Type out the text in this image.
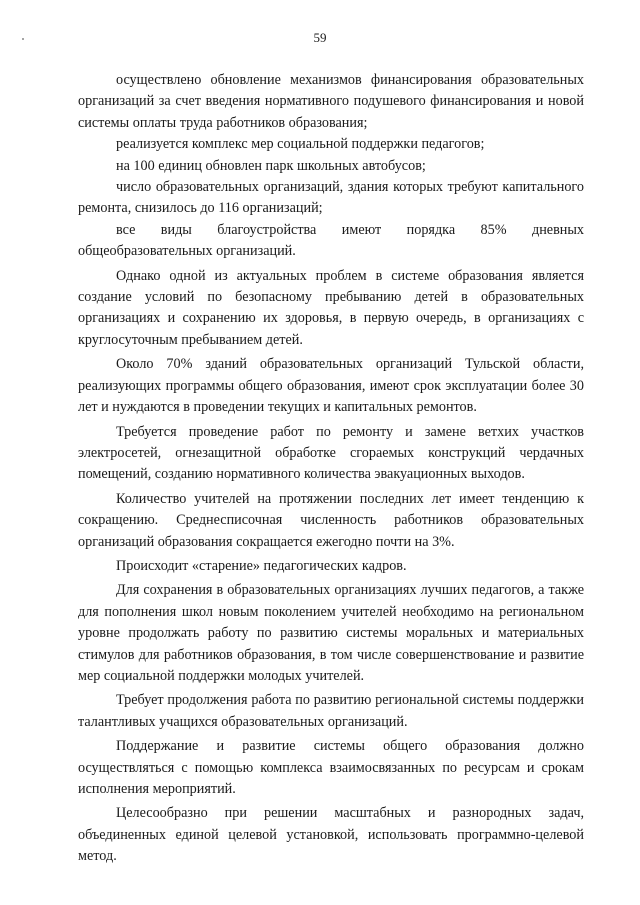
59

осуществлено обновление механизмов финансирования образовательных организаций за счет введения нормативного подушевого финансирования и новой системы оплаты труда работников образования;

реализуется комплекс мер социальной поддержки педагогов;

на 100 единиц обновлен парк школьных автобусов;

число образовательных организаций, здания которых требуют капитального ремонта, снизилось до 116 организаций;

все виды благоустройства имеют порядка 85% дневных общеобразовательных организаций.

Однако одной из актуальных проблем в системе образования является создание условий по безопасному пребыванию детей в образовательных организациях и сохранению их здоровья, в первую очередь, в организациях с круглосуточным пребыванием детей.

Около 70% зданий образовательных организаций Тульской области, реализующих программы общего образования, имеют срок эксплуатации более 30 лет и нуждаются в проведении текущих и капитальных ремонтов.

Требуется проведение работ по ремонту и замене ветхих участков электросетей, огнезащитной обработке сгораемых конструкций чердачных помещений, созданию нормативного количества эвакуационных выходов.

Количество учителей на протяжении последних лет имеет тенденцию к сокращению. Среднесписочная численность работников образовательных организаций образования сокращается ежегодно почти на 3%.

Происходит «старение» педагогических кадров.

Для сохранения в образовательных организациях лучших педагогов, а также для пополнения школ новым поколением учителей необходимо на региональном уровне продолжать работу по развитию системы моральных и материальных стимулов для работников образования, в том числе совершенствование и развитие мер социальной поддержки молодых учителей.

Требует продолжения работа по развитию региональной системы поддержки талантливых учащихся образовательных организаций.

Поддержание и развитие системы общего образования должно осуществляться с помощью комплекса взаимосвязанных по ресурсам и срокам исполнения мероприятий.

Целесообразно при решении масштабных и разнородных задач, объединенных единой целевой установкой, использовать программно-целевой метод.
